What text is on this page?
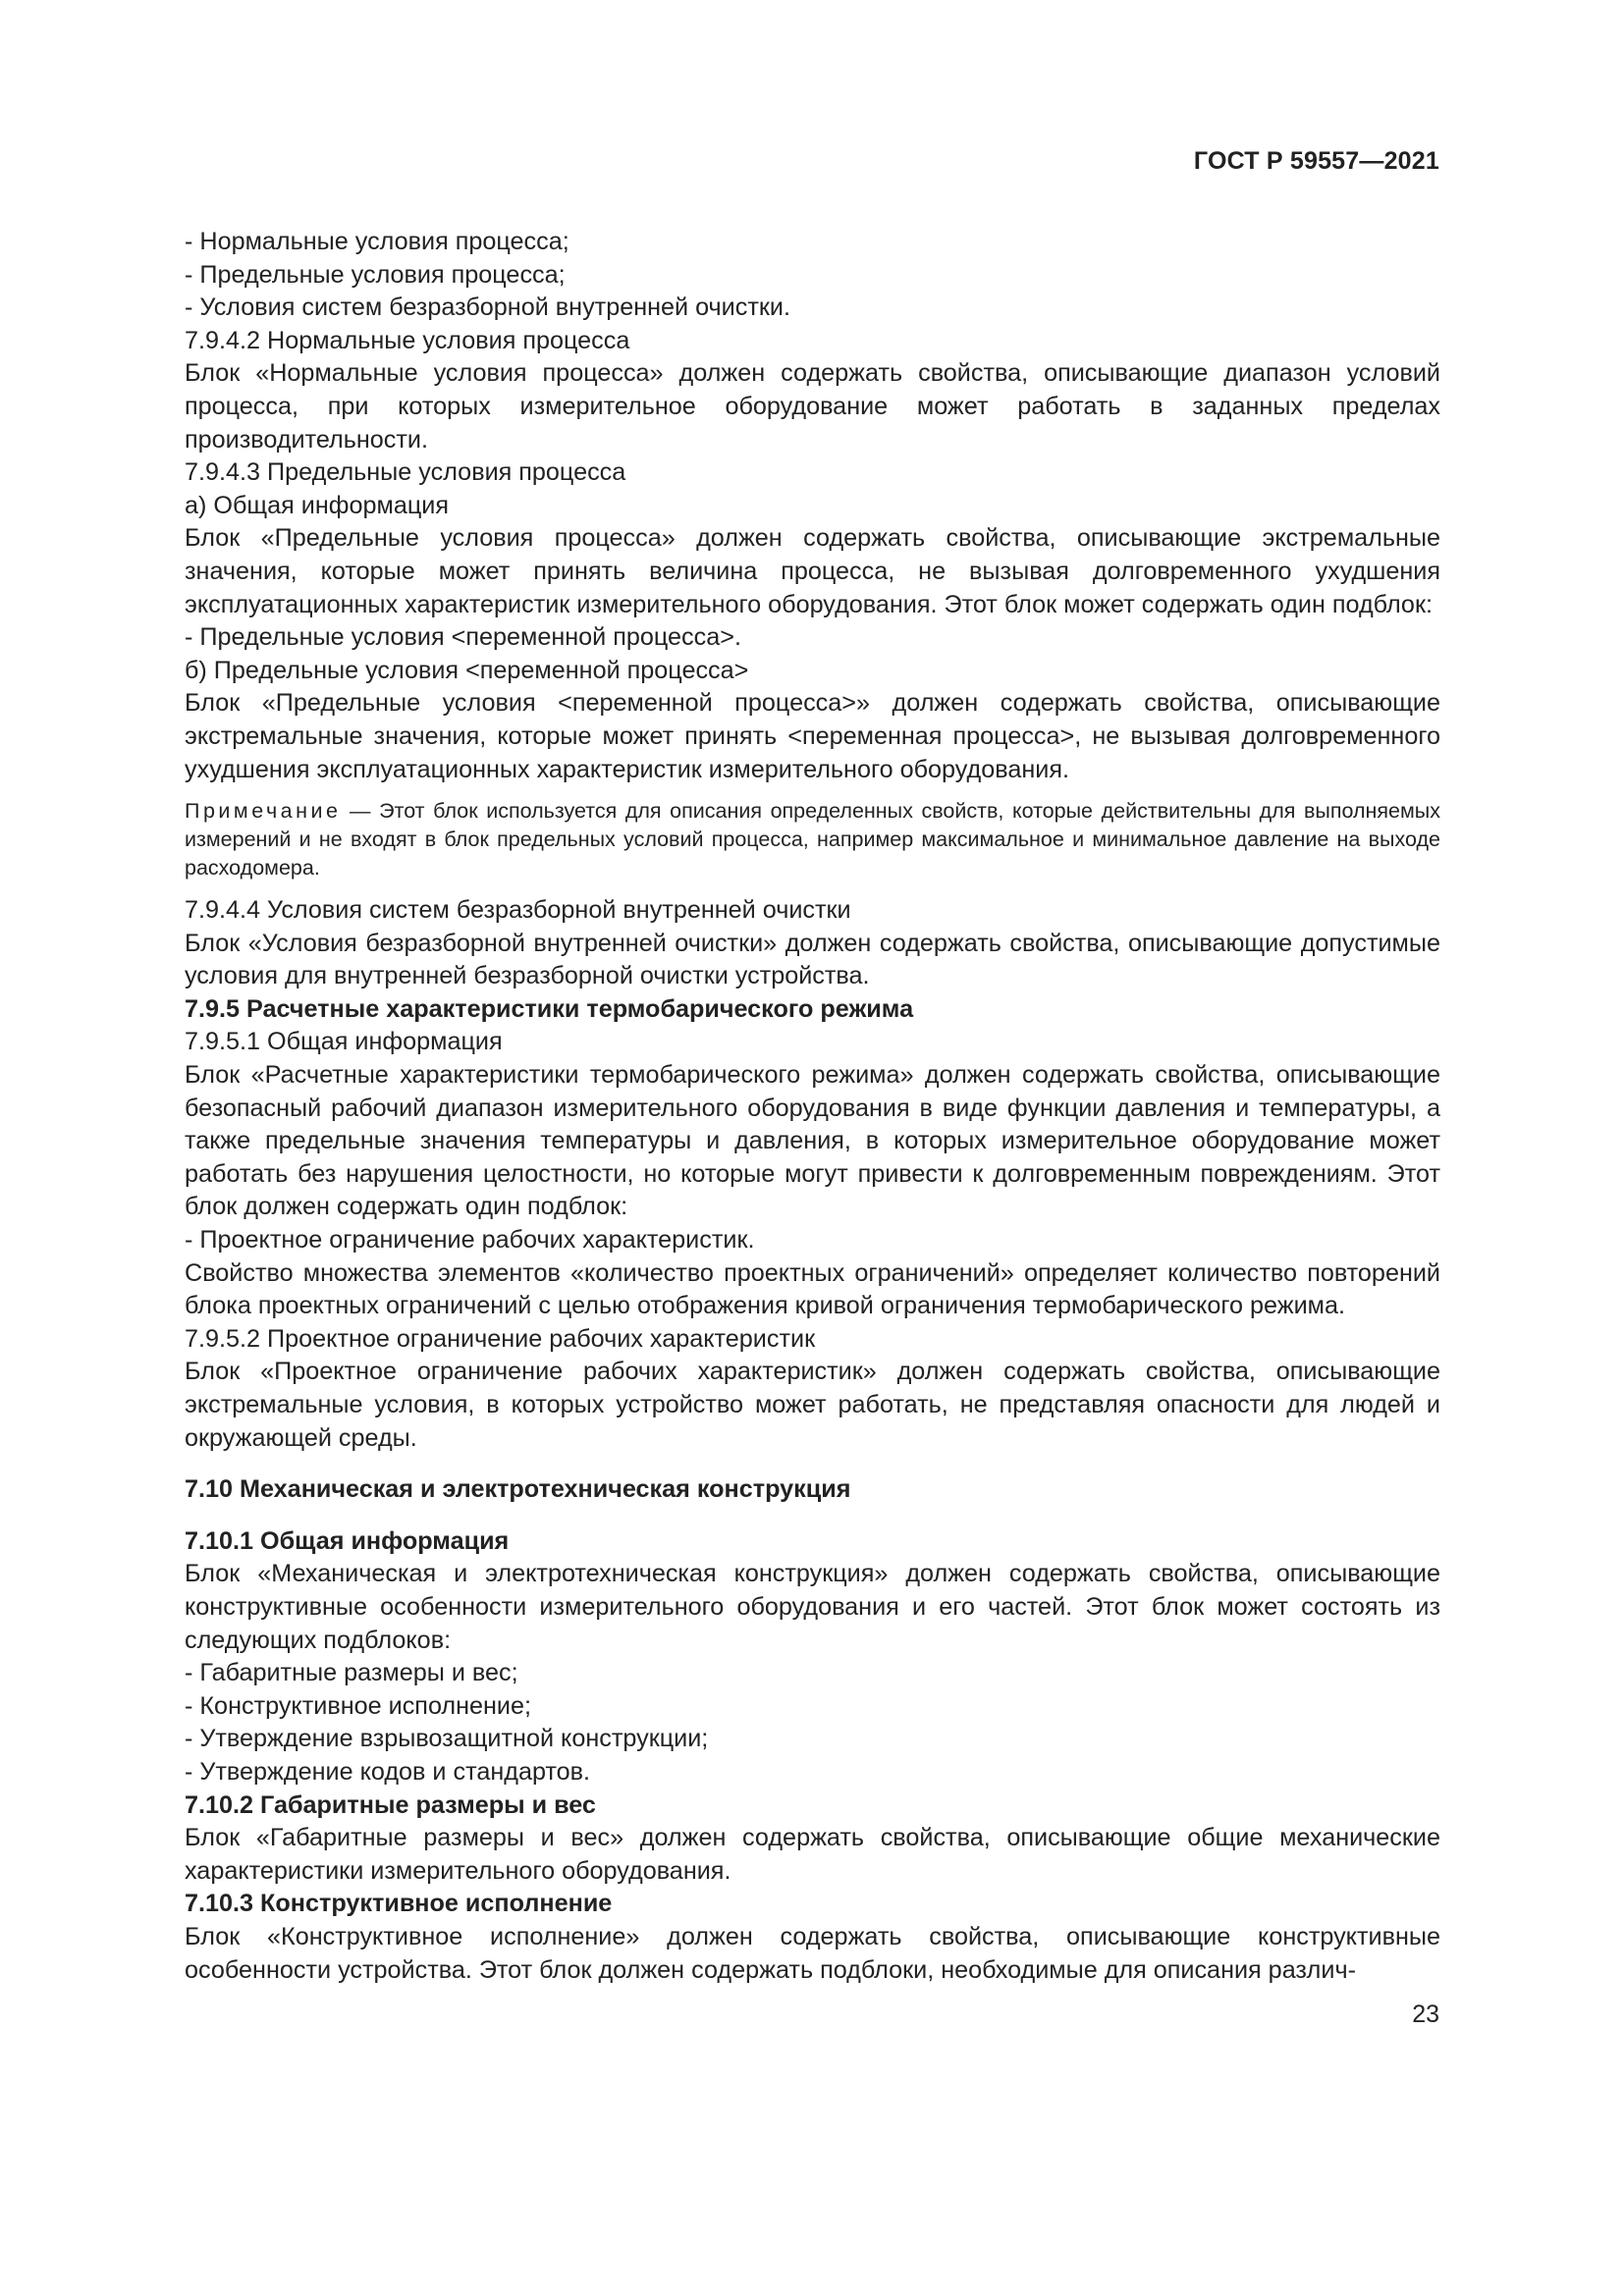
ГОСТ Р 59557—2021

- Нормальные условия процесса;

- Предельные условия процесса;

- Условия систем безразборной внутренней очистки.

7.9.4.2 Нормальные условия процесса

Блок «Нормальные условия процесса» должен содержать свойства, описывающие диапазон условий процесса, при которых измерительное оборудование может работать в заданных пределах производительности.

7.9.4.3 Предельные условия процесса

а) Общая информация

Блок «Предельные условия процесса» должен содержать свойства, описывающие экстремальные значения, которые может принять величина процесса, не вызывая долговременного ухудшения эксплуатационных характеристик измерительного оборудования. Этот блок может содержать один подблок:

- Предельные условия <переменной процесса>.

б) Предельные условия <переменной процесса>

Блок «Предельные условия <переменной процесса>» должен содержать свойства, описывающие экстремальные значения, которые может принять <переменная процесса>, не вызывая долговременного ухудшения эксплуатационных характеристик измерительного оборудования.

Примечание — Этот блок используется для описания определенных свойств, которые действительны для выполняемых измерений и не входят в блок предельных условий процесса, например максимальное и минимальное давление на выходе расходомера.

7.9.4.4 Условия систем безразборной внутренней очистки

Блок «Условия безразборной внутренней очистки» должен содержать свойства, описывающие допустимые условия для внутренней безразборной очистки устройства.

7.9.5 Расчетные характеристики термобарического режима

7.9.5.1 Общая информация

Блок «Расчетные характеристики термобарического режима» должен содержать свойства, описывающие безопасный рабочий диапазон измерительного оборудования в виде функции давления и температуры, а также предельные значения температуры и давления, в которых измерительное оборудование может работать без нарушения целостности, но которые могут привести к долговременным повреждениям. Этот блок должен содержать один подблок:

- Проектное ограничение рабочих характеристик.

Свойство множества элементов «количество проектных ограничений» определяет количество повторений блока проектных ограничений с целью отображения кривой ограничения термобарического режима.

7.9.5.2 Проектное ограничение рабочих характеристик

Блок «Проектное ограничение рабочих характеристик» должен содержать свойства, описывающие экстремальные условия, в которых устройство может работать, не представляя опасности для людей и окружающей среды.

7.10 Механическая и электротехническая конструкция

7.10.1 Общая информация

Блок «Механическая и электротехническая конструкция» должен содержать свойства, описывающие конструктивные особенности измерительного оборудования и его частей. Этот блок может состоять из следующих подблоков:

- Габаритные размеры и вес;

- Конструктивное исполнение;

- Утверждение взрывозащитной конструкции;

- Утверждение кодов и стандартов.

7.10.2 Габаритные размеры и вес

Блок «Габаритные размеры и вес» должен содержать свойства, описывающие общие механические характеристики измерительного оборудования.

7.10.3 Конструктивное исполнение

Блок «Конструктивное исполнение» должен содержать свойства, описывающие конструктивные особенности устройства. Этот блок должен содержать подблоки, необходимые для описания различ-

23
